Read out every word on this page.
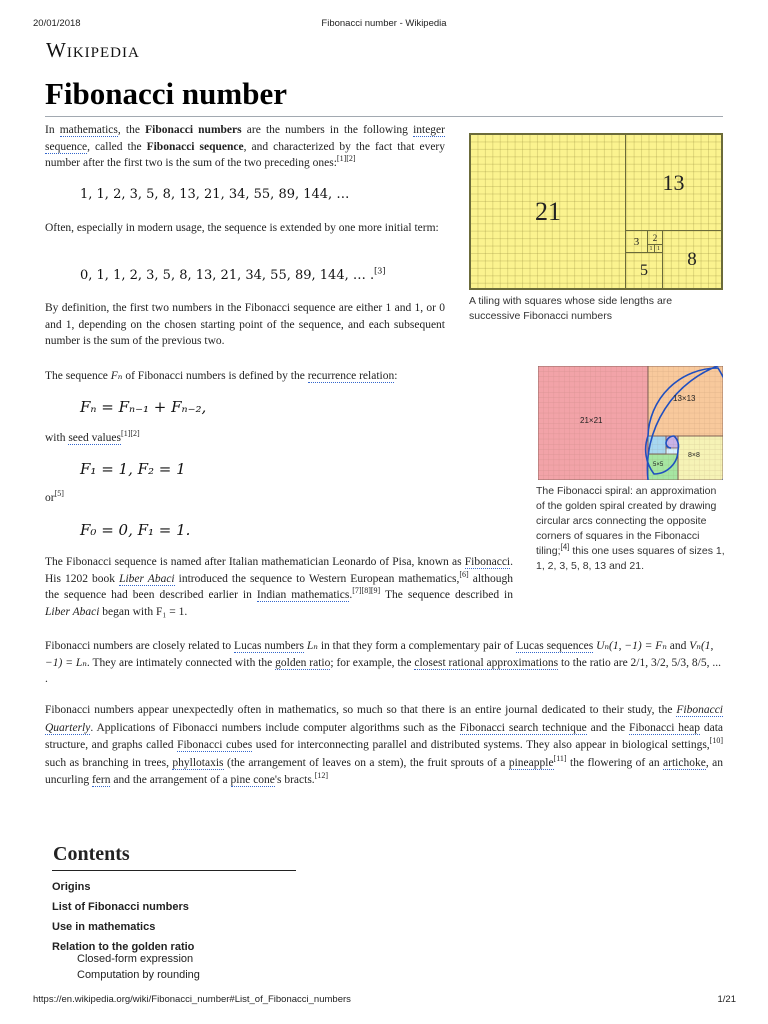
20/01/2018	Fibonacci number - Wikipedia
Wikipedia
Fibonacci number

In mathematics, the Fibonacci numbers are the numbers in the following integer sequence, called the Fibonacci sequence, and characterized by the fact that every number after the first two is the sum of the two preceding ones:[1][2]

1, 1, 2, 3, 5, 8, 13, 21, 34, 55, 89, 144, …

Often, especially in modern usage, the sequence is extended by one more initial term:

0, 1, 1, 2, 3, 5, 8, 13, 21, 34, 55, 89, 144, … .[3]

By definition, the first two numbers in the Fibonacci sequence are either 1 and 1, or 0 and 1, depending on the chosen starting point of the sequence, and each subsequent number is the sum of the previous two.

The sequence Fₙ of Fibonacci numbers is defined by the recurrence relation:

Fₙ = Fₙ₋₁ + Fₙ₋₂,

with seed values[1][2]

F₁ = 1, F₂ = 1

or[5]

F₀ = 0, F₁ = 1.

The Fibonacci sequence is named after Italian mathematician Leonardo of Pisa, known as Fibonacci. His 1202 book Liber Abaci introduced the sequence to Western European mathematics,[6] although the sequence had been described earlier in Indian mathematics.[7][8][9] The sequence described in Liber Abaci began with F₁ = 1.

Fibonacci numbers are closely related to Lucas numbers Lₙ in that they form a complementary pair of Lucas sequences Uₙ(1, −1) = Fₙ and Vₙ(1, −1) = Lₙ. They are intimately connected with the golden ratio; for example, the closest rational approximations to the ratio are 2/1, 3/2, 5/3, 8/5, ... .

Fibonacci numbers appear unexpectedly often in mathematics, so much so that there is an entire journal dedicated to their study, the Fibonacci Quarterly. Applications of Fibonacci numbers include computer algorithms such as the Fibonacci search technique and the Fibonacci heap data structure, and graphs called Fibonacci cubes used for interconnecting parallel and distributed systems. They also appear in biological settings,[10] such as branching in trees, phyllotaxis (the arrangement of leaves on a stem), the fruit sprouts of a pineapple[11] the flowering of an artichoke, an uncurling fern and the arrangement of a pine cone's bracts.[12]

21
13
8
5
3	2
1 1
A tiling with squares whose side lengths are successive Fibonacci numbers
21×21
13×13
8×8
5×5
The Fibonacci spiral: an approximation of the golden spiral created by drawing circular arcs connecting the opposite corners of squares in the Fibonacci tiling;[4] this one uses squares of sizes 1, 1, 2, 3, 5, 8, 13 and 21.
Contents
Origins
List of Fibonacci numbers
Use in mathematics
Relation to the golden ratio
Closed-form expression
Computation by rounding
https://en.wikipedia.org/wiki/Fibonacci_number#List_of_Fibonacci_numbers	1/21
